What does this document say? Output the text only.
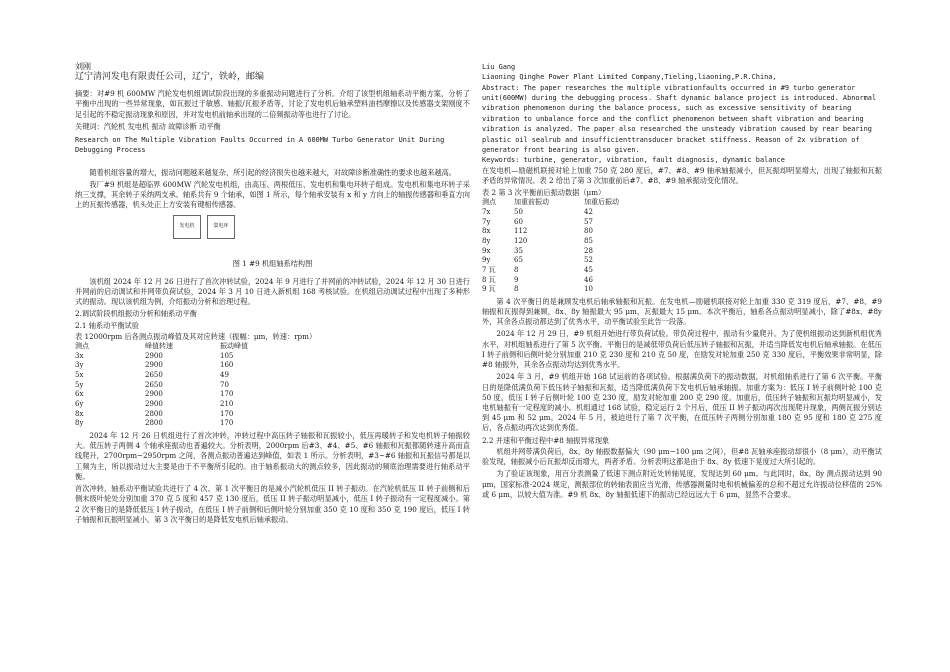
刘刚
辽宁清河发电有限责任公司，辽宁，铁岭，邮编

摘要：对#9 机 600MW 汽轮发电机组调试阶段出现的多重振动问题进行了分析。介绍了该型机组轴系动平衡方案，分析了平衡中出现的一些异常现象，如瓦振过于敏感、轴振/瓦振矛盾等，讨论了发电机后轴承塑料油档摩擦以及传感器支架刚度不足引起的不稳定振动现象和原因，并对发电机前轴承出现的二倍频振动等也进行了讨论。

关键词：汽轮机 发电机 振动 故障诊断 动平衡
Research on The Multiple Vibration Faults Occurred in A 600MW Turbo Generator Unit During Debugging Process

随着机组容量的增大，振动问题越来越复杂，所引起的经济损失也越来越大，对故障诊断准确性的要求也越来越高。

我厂#9 机组是超临界 600MW 汽轮发电机组，由高压、两根低压、发电机和集电环转子组成。发电机和集电环转子采纳三支撑，其余转子采纳两支承。轴系共有 9 个轴承，如图 1 所示，每个轴承安装有 x 和 y 方向上的轴振传感器和垂直方向上的瓦振传感器，机头处正上方安装有键相传感器。

发电机	集电环
图 1 #9 机组轴系结构图

该机组 2024 年 12 月 26 日进行了首次冲转试验，2024 年 9 月进行了并网前的冲转试验，2024 年 12 月 30 日进行并网前的启动调试和并网带负荷试验，2024 年 3 月 10 日进入新机组 168 考核试验。在机组启动调试过程中出现了多种形式的振动。现以该机组为例，介绍振动分析和治理过程。

2.调试阶段机组振动分析和轴系动平衡
2.1 轴系动平衡试验
表 12000rpm 后各测点振动峰值及其对应转速（振幅：μm，转速：rpm）
测点	峰值转速	振动峰值
3x	2900	105
3y	2900	160
5x	2650	49
5y	2650	70
6x	2900	170
6y	2900	210
8x	2800	170
8y	2800	170

2024 年 12 月 26 日机组进行了首次冲转，冲转过程中高压转子轴振和瓦振较小，低压再暖转子和发电机转子轴振较大。低压转子两侧 4 个轴承座振动也普遍较大。分析表明，2000rpm 后#3、#4、#5、#6 轴振和瓦振都随转速升高而直线爬升，2700rpm~2950rpm 之间，各测点振动普遍达到峰值，如表 1 所示。分析表明，#3~#6 轴振和瓦振信号都是以工频为主，所以振动过大主要是由于不平衡所引起的。由于轴系振动大的测点较多，因此振动的频底治理需要进行轴系动平衡。

首次冲转，轴系动平衡试验共进行了 4 次。第 1 次平衡日的是减小汽轮机低压 II 转子振动。在汽轮机低压 II 转子前侧和后侧末级叶轮处分别加重 370 克 5 度和 457 克 130 度后，低压 II 转子振动明显减小，低压 I 转子振动有一定程度减小。第 2 次平衡日的是降低低压 I 转子振动，在低压 I 转子前侧和后侧叶轮分别加重 350 克 10 度和 350 克 190 度后，低压 I 转子轴振和瓦振明显减小。第 3 次平衡日的是降低发电机后轴承振动。

Liu Gang
Liaoning Qinghe Power Plant Limited Company,Tieling,liaoning,P.R.China,
Abstract: The paper researches the multiple vibrationfaults occurred in #9 turbo generator unit(600MW) during the debugging process. Shaft dynamic balance project is introduced. Abnormal vibration phenomenon during the balance process, such as excessive sensitivity of bearing vibration to unbalance force and the conflict phenomenon between shaft vibration and bearing vibration is analyzed. The paper also researched the unsteady vibration caused by rear bearing plastic oil sealrub and insufficienttransducer bracket stiffness. Reason of 2x vibration of generator front bearing is also given.
Keywords: turbine, generator, vibration, fault diagnosis, dynamic balance

在发电机—励磁机联接对轮上加重 750 克 280 度后，#7、#8、#9 轴承轴振减小，但瓦振却明显增大，出现了轴振和瓦振矛盾的异常情况。表 2 给出了第 3 次加重前后#7、#8、#9 轴承振动变化情况。

表 2 第 3 次平衡前后振动数据（μm）
测点	加重前振动	加重后振动
7x	50	42
7y	60	57
8x	112	80
8y	120	85
9x	35	28
9y	65	52
7 瓦	8	45
8 瓦	9	46
9 瓦	8	10

第 4 次平衡日的是兼顾发电机后轴承轴振和瓦振。在发电机—励磁机联接对轮上加重 330 克 319 度后，#7、#8、#9 轴振和瓦振得到兼顾，8x、8y 轴振最大 95 μm，瓦振最大 15 μm。本次平衡后，轴系各点振动明显减小，除了#8x、#8y 外，其余各点振动都达到了优秀水平，动平衡试验至此告一段落。

2024 年 12 月 29 日，#9 机组开始进行带负荷试验。带负荷过程中，振动有少量爬升。为了使机组振动达到新机组优秀水平，对机组轴系进行了第 5 次平衡。平衡日的是减低带负荷后低压转子轴振和瓦振，并适当降低发电机后轴承轴振。在低压 I 转子前侧和后侧叶轮分别加重 210 克 230 度和 210 克 50 度，在励发对轮加重 250 克 330 度后，平衡效果非常明显，除#8 轴振外，其余各点振动均达到优秀水平。

2024 年 3 月，#9 机组开始 168 试运前的各项试验。根据满负荷下的振动数据，对机组轴系进行了第 6 次平衡。平衡日的是降低满负荷下低压转子轴振和瓦振，适当降低满负荷下发电机后轴承轴振。加重方案为：低压 I 转子前侧叶轮 100 克 50 度，低压 I 转子后侧叶轮 100 克 230 度，励发对轮加重 200 克 290 度。加重后，低压转子轴振和瓦振均明显减小，发电机轴振有一定程度的减小。机组通过 168 试验，稳定运行 2 个月后，低压 II 转子振动再次出现爬升现象，两侧瓦振分别达到 45 μm 和 52 μm。2024 年 5 月，被迫进行了第 7 次平衡，在低压转子两侧分别加重 180 克 95 度和 180 克 275 度后，各点振动再次达到优秀值。

2.2 并速和平衡过程中#8 轴振异常现象

机组并网带满负荷后，8x、8y 轴振数据偏大（90 μm~100 μm 之间），但#8 瓦轴承座振动却很小（8 μm），动平衡试验发现，轴振减小后瓦振却反而增大，两者矛盾。分析表明这都是由于 8x、8y 低速下晃度过大所引起的。

为了验证该现象，用百分表测量了低速下测点附近处转轴晃度，发现达到 60 μm。与此同时，8x、8y 测点振动达到 90 μm，国家标准-2024 规定，测振部位的转轴表面应当光滑，传感器测量时电和机械偏差的总和不超过允许振动位移值的 25%或 6 μm，以较大值为准。#9 机 8x、8y 轴振低速下的振动已经远远大于 6 μm，显然不合要求。
